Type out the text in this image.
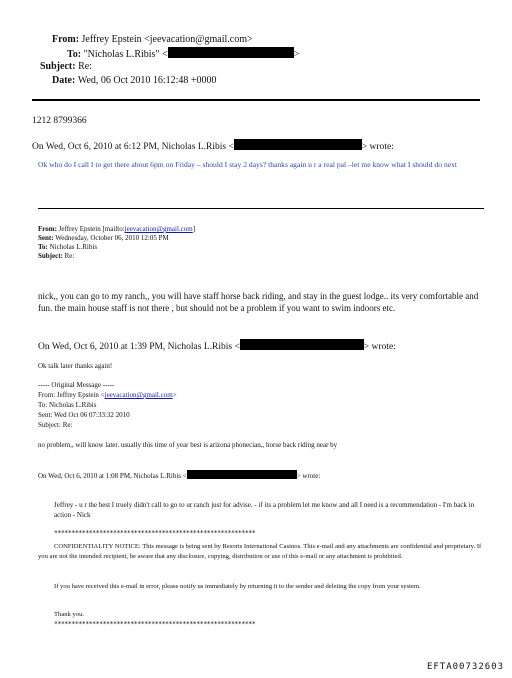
From: Jeffrey Epstein <jeevacation@gmail.com>
To: "Nicholas L.Ribis" <	>
Subject: Re:
Date: Wed, 06 Oct 2010 16:12:48 +0000
1212 8799366
On Wed, Oct 6, 2010 at 6:12 PM, Nicholas L.Ribis <	> wrote:
Ok who do I call I to get there about 6pm on Friday – should I stay 2 days? thanks again u r a real pal –let me know what I should do next
From: Jeffrey Epstein [mailto:jeevacation@gmail.com]
Sent: Wednesday, October 06, 2010 12:05 PM
To: Nicholas L.Ribis
Subject: Re:
nick,, you can go to my ranch,, you will have staff horse back riding, and stay in the guest lodge.. its very comfortable and fun. the main house staff is not there , but should not be a problem if you want to swim indoors etc.
On Wed, Oct 6, 2010 at 1:39 PM, Nicholas L.Ribis <	> wrote:
Ok talk later thanks again!
----- Original Message -----
From: Jeffrey Epstein <jeevacation@gmail.com>
To: Nicholas L.Ribis
Sent: Wed Oct 06 07:33:32 2010
Subject: Re:
no problem,, will know later. usually this time of year best is arizona phonecian,, horse back riding near by
On Wed, Oct 6, 2010 at 1:08 PM, Nicholas L.Ribis <	> wrote:
Jeffrey - u r the best I truely didn't call to go to ur ranch just for advise. - if its a problem let me know and all I need is a recommendation - I'm back in action - Nick
**********************************************************
CONFIDENTIALITY NOTICE: This message is being sent by Resorts International Casinos. This e-mail and any attachments are confidential and proprietary. If you are not the intended recipient, be aware that any disclosure, copying, distribution or use of this e-mail or any attachment is prohibited.
If you have received this e-mail in error, please notify us immediately by returning it to the sender and deleting the copy from your system.
Thank you.
**********************************************************
EFTA00732603
